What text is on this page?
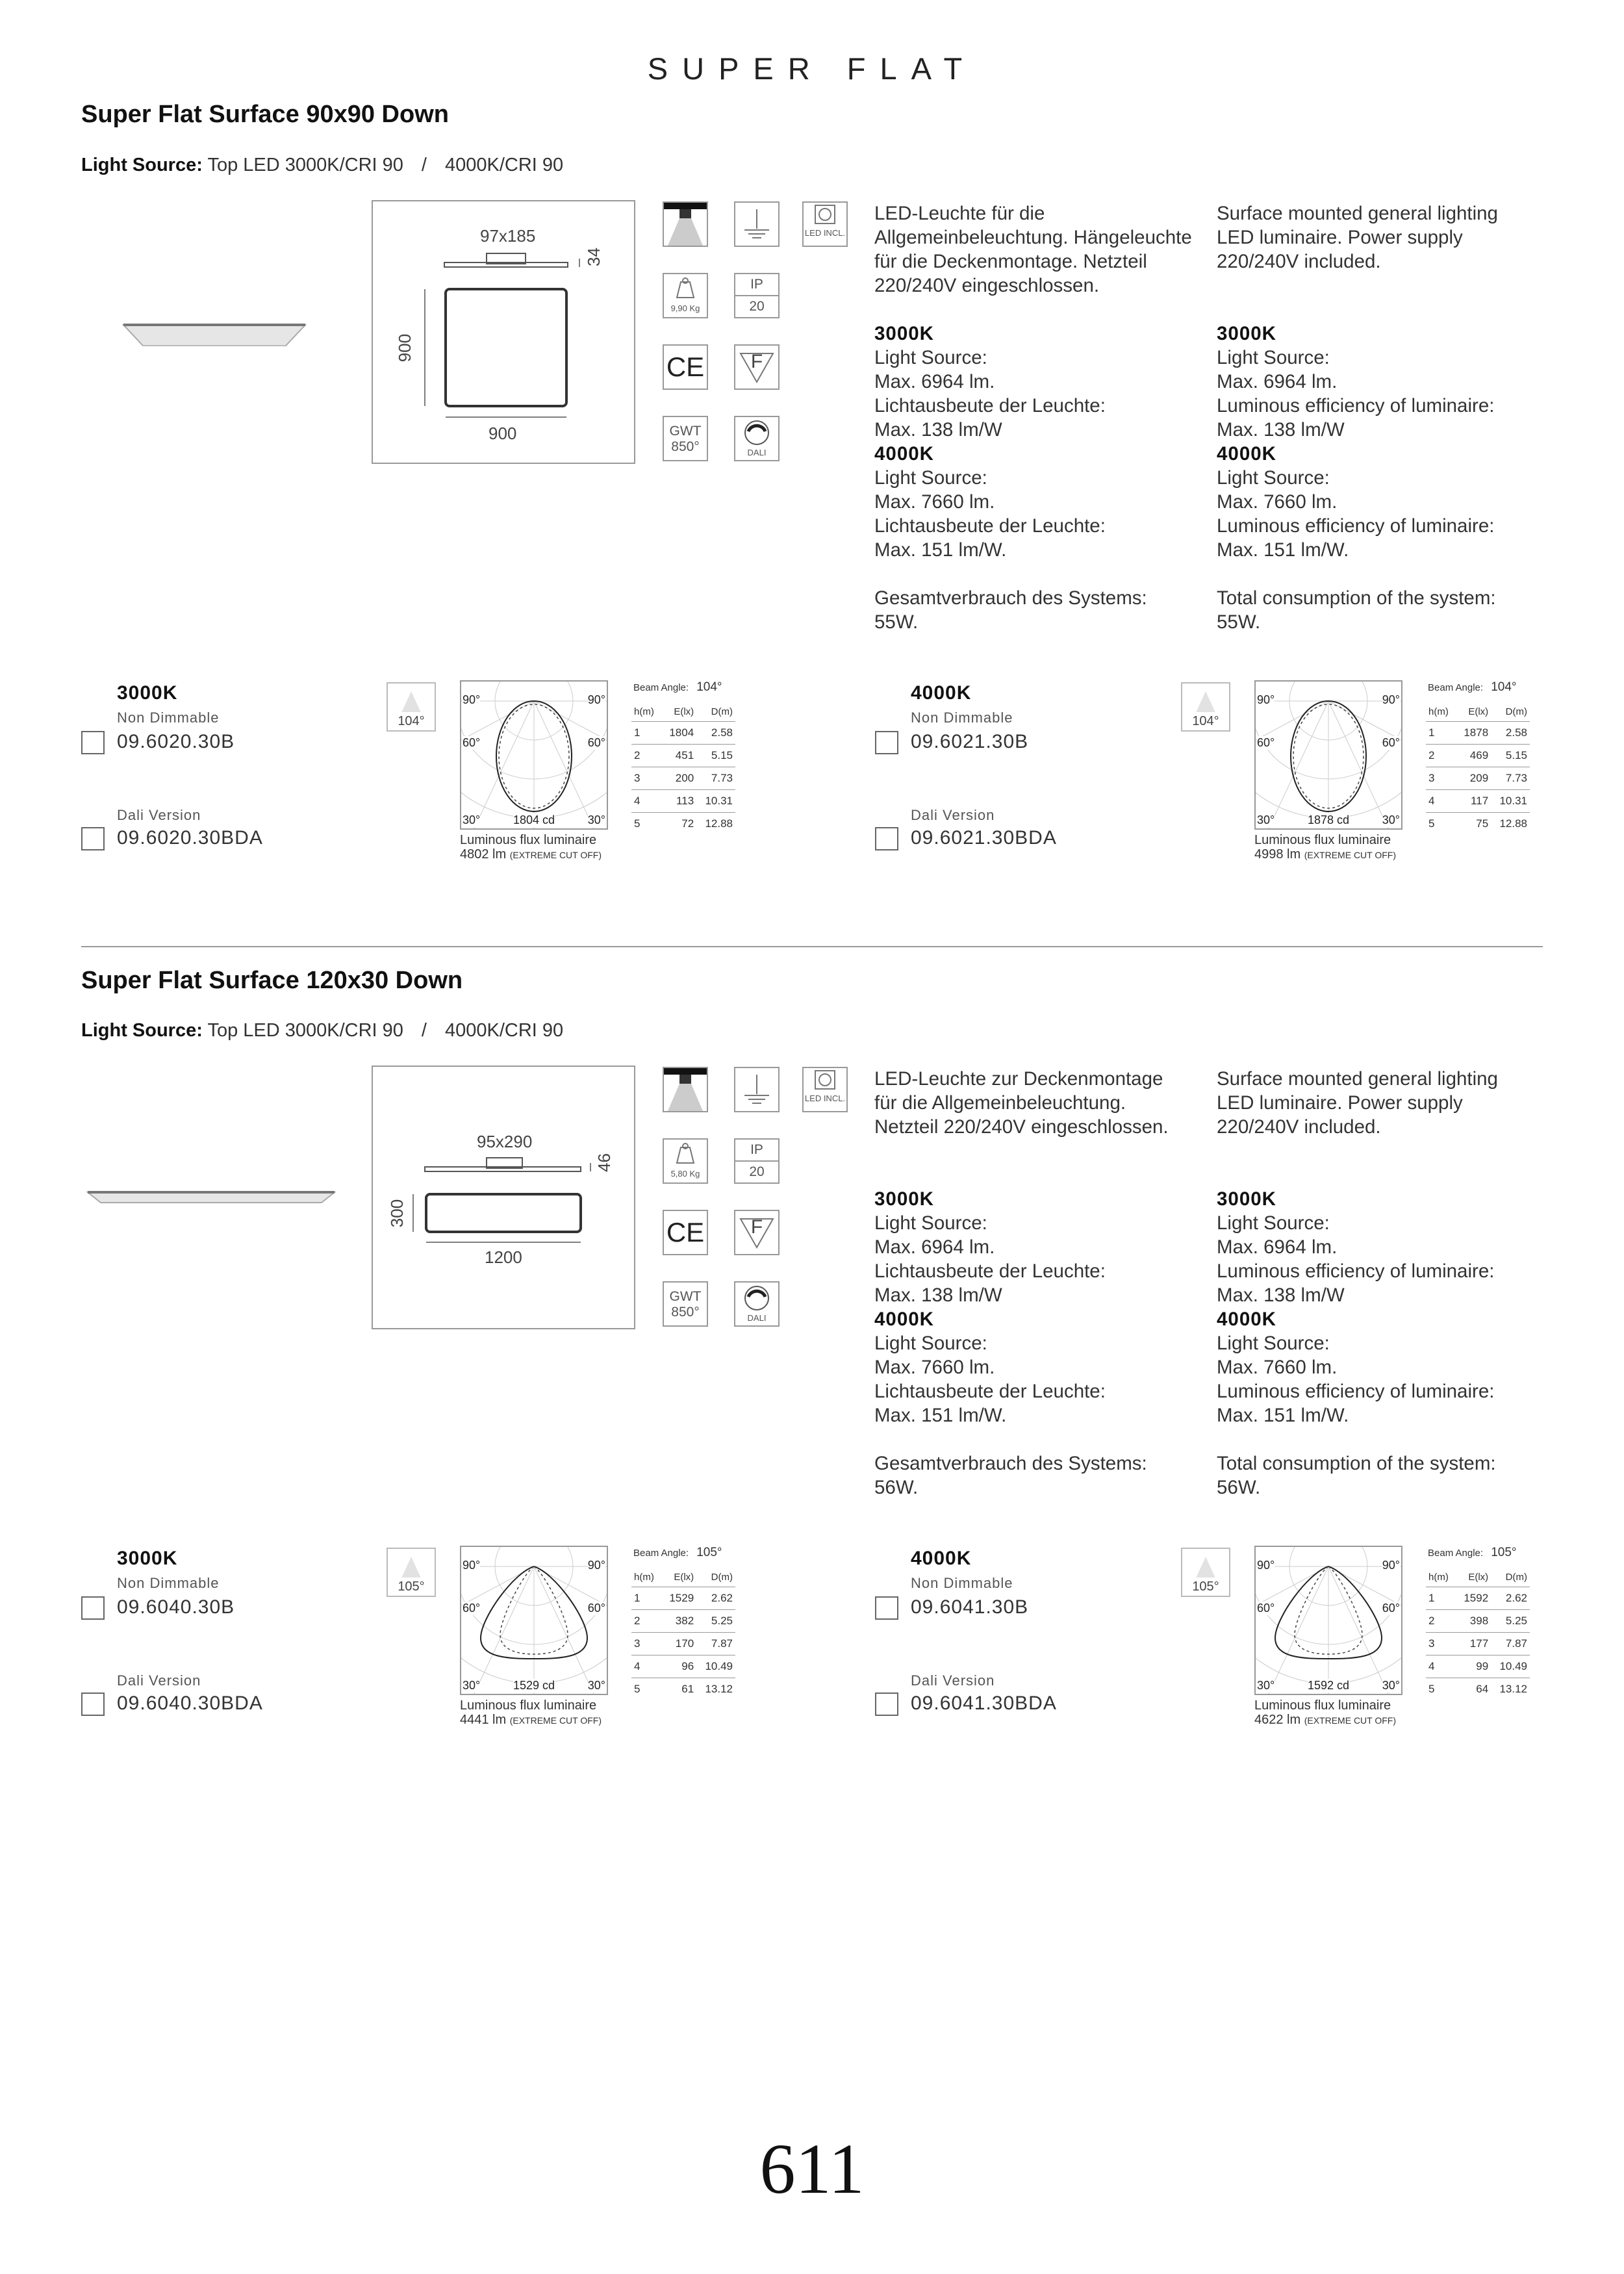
SUPER FLAT
Super Flat Surface 90x90 Down
Light Source: Top LED 3000K/CRI 90 / 4000K/CRI 90
97x185
34
900
900
LED INCL.
9,90 Kg
IP
20
CE	F
GWT
850°	DALI
LED-Leuchte für die
Allgemeinbeleuchtung. Hängeleuchte
für die Deckenmontage. Netzteil
220/240V eingeschlossen.
3000K
Light Source:
Max. 6964 lm.
Lichtausbeute der Leuchte:
Max. 138 lm/W
4000K
Light Source:
Max. 7660 lm.
Lichtausbeute der Leuchte:
Max. 151 lm/W.
Gesamtverbrauch des Systems:
55W.
Surface mounted general lighting
LED luminaire. Power supply
220/240V included.
3000K
Light Source:
Max. 6964 lm.
Luminous efficiency of luminaire:
Max. 138 lm/W
4000K
Light Source:
Max. 7660 lm.
Luminous efficiency of luminaire:
Max. 151 lm/W.
Total consumption of the system:
55W.
3000K
Non Dimmable
09.6020.30B
Dali Version
09.6020.30BDA
104°
90°	90°
60°	60°
30°	30°
1804 cd
Luminous flux luminaire
4802 lm (EXTREME CUT OFF)
Beam Angle: 104°
h(m)	E(lx)	D(m)
1	1804	2.58
2	451	5.15
3	200	7.73
4	113	10.31
5	72	12.88
4000K
Non Dimmable
09.6021.30B
Dali Version
09.6021.30BDA
104°
90°	90°
60°	60°
30°	30°
1878 cd
Luminous flux luminaire
4998 lm (EXTREME CUT OFF)
Beam Angle: 104°
h(m)	E(lx)	D(m)
1	1878	2.58
2	469	5.15
3	209	7.73
4	117	10.31
5	75	12.88
Super Flat Surface 120x30 Down
Light Source: Top LED 3000K/CRI 90 / 4000K/CRI 90
95x290
46
300
1200
LED INCL.
5,80 Kg
IP
20
CE	F
GWT
850°	DALI
LED-Leuchte zur Deckenmontage
für die Allgemeinbeleuchtung.
Netzteil 220/240V eingeschlossen.
3000K
Light Source:
Max. 6964 lm.
Lichtausbeute der Leuchte:
Max. 138 lm/W
4000K
Light Source:
Max. 7660 lm.
Lichtausbeute der Leuchte:
Max. 151 lm/W.
Gesamtverbrauch des Systems:
56W.
Surface mounted general lighting
LED luminaire. Power supply
220/240V included.
3000K
Light Source:
Max. 6964 lm.
Luminous efficiency of luminaire:
Max. 138 lm/W
4000K
Light Source:
Max. 7660 lm.
Luminous efficiency of luminaire:
Max. 151 lm/W.
Total consumption of the system:
56W.
3000K
Non Dimmable
09.6040.30B
Dali Version
09.6040.30BDA
105°
90°	90°
60°	60°
30°	30°
1529 cd
Luminous flux luminaire
4441 lm (EXTREME CUT OFF)
Beam Angle: 105°
h(m)	E(lx)	D(m)
1	1529	2.62
2	382	5.25
3	170	7.87
4	96	10.49
5	61	13.12
4000K
Non Dimmable
09.6041.30B
Dali Version
09.6041.30BDA
105°
90°	90°
60°	60°
30°	30°
1592 cd
Luminous flux luminaire
4622 lm (EXTREME CUT OFF)
Beam Angle: 105°
h(m)	E(lx)	D(m)
1	1592	2.62
2	398	5.25
3	177	7.87
4	99	10.49
5	64	13.12
611
